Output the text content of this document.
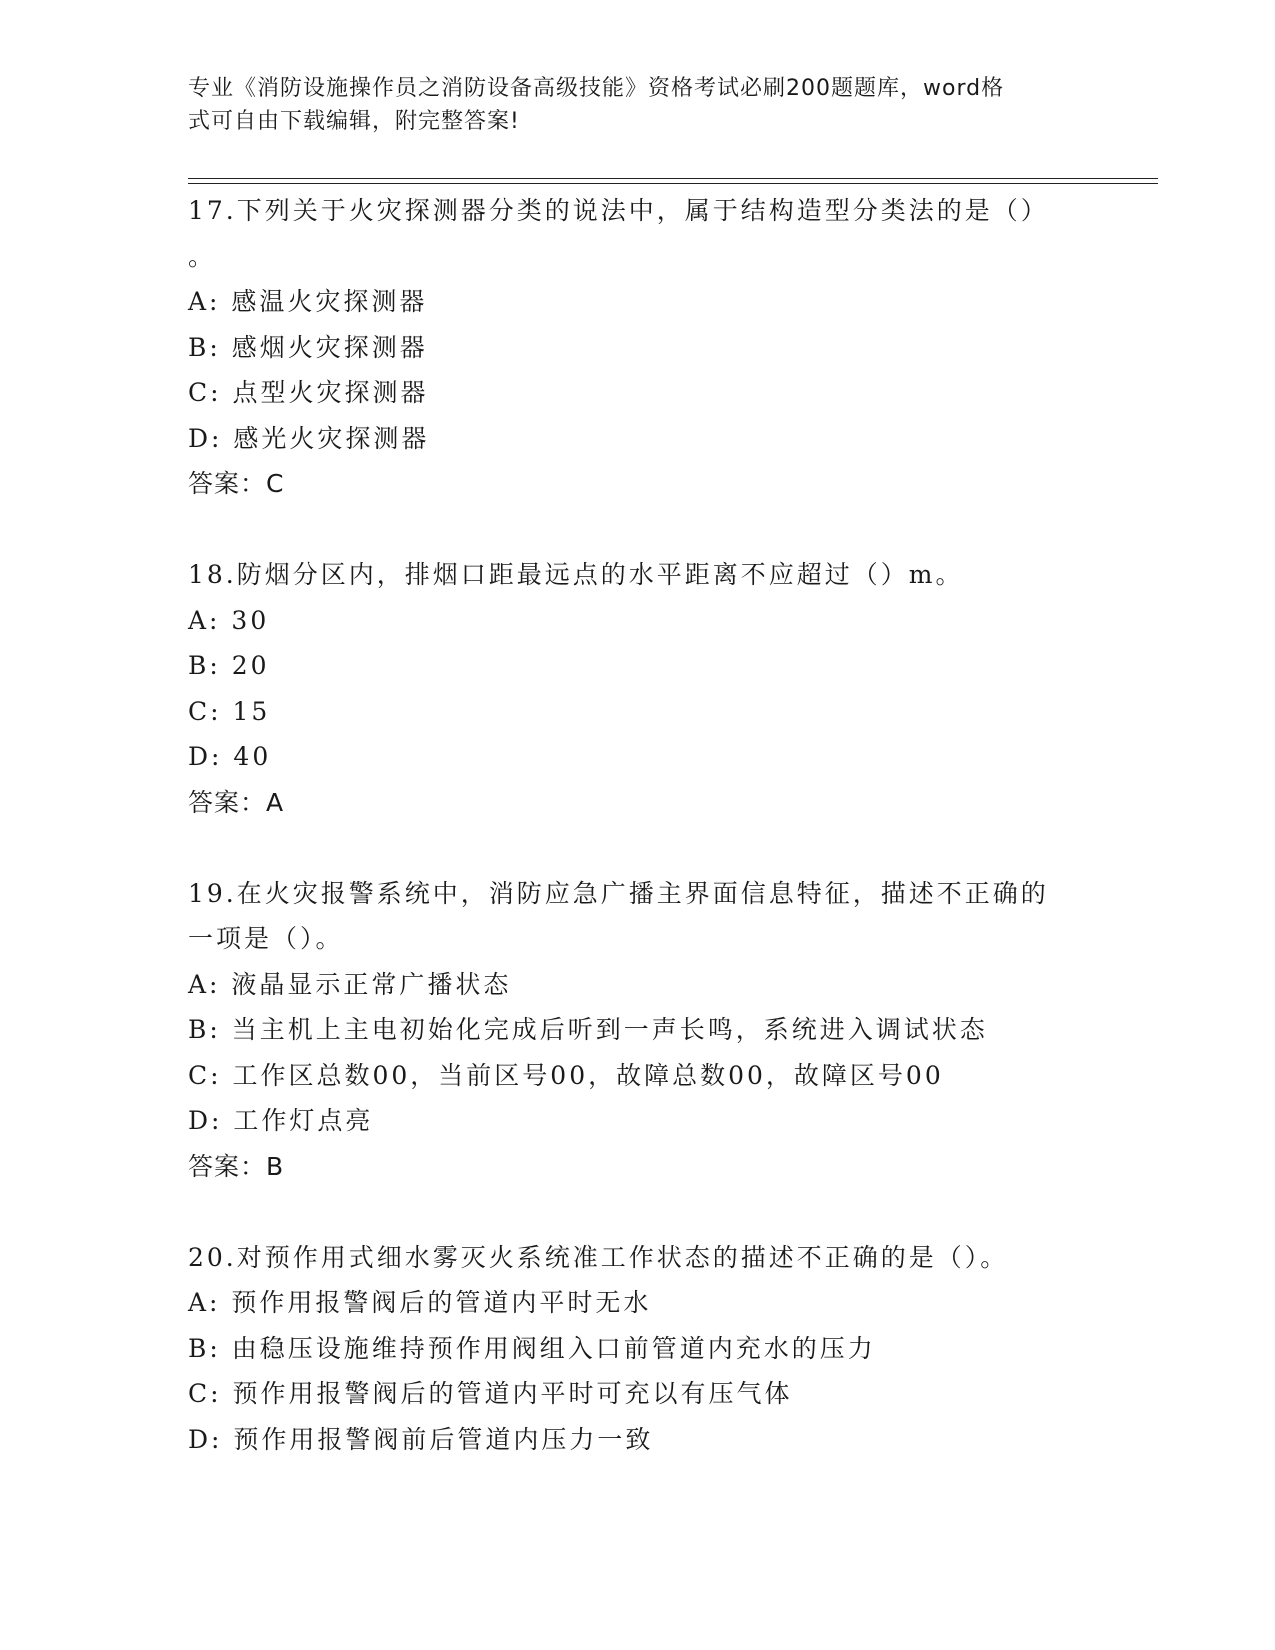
专业《消防设施操作员之消防设备高级技能》资格考试必刷200题题库，word格
式可自由下载编辑，附完整答案!
17.下列关于火灾探测器分类的说法中，属于结构造型分类法的是（）
。
A: 感温火灾探测器
B: 感烟火灾探测器
C: 点型火灾探测器
D: 感光火灾探测器
答案：C
18.防烟分区内，排烟口距最远点的水平距离不应超过（）m。
A: 30
B: 20
C: 15
D: 40
答案：A
19.在火灾报警系统中，消防应急广播主界面信息特征，描述不正确的
一项是（）。
A: 液晶显示正常广播状态
B: 当主机上主电初始化完成后听到一声长鸣，系统进入调试状态
C: 工作区总数00，当前区号00，故障总数00，故障区号00
D: 工作灯点亮
答案：B
20.对预作用式细水雾灭火系统准工作状态的描述不正确的是（）。
A: 预作用报警阀后的管道内平时无水
B: 由稳压设施维持预作用阀组入口前管道内充水的压力
C: 预作用报警阀后的管道内平时可充以有压气体
D: 预作用报警阀前后管道内压力一致
